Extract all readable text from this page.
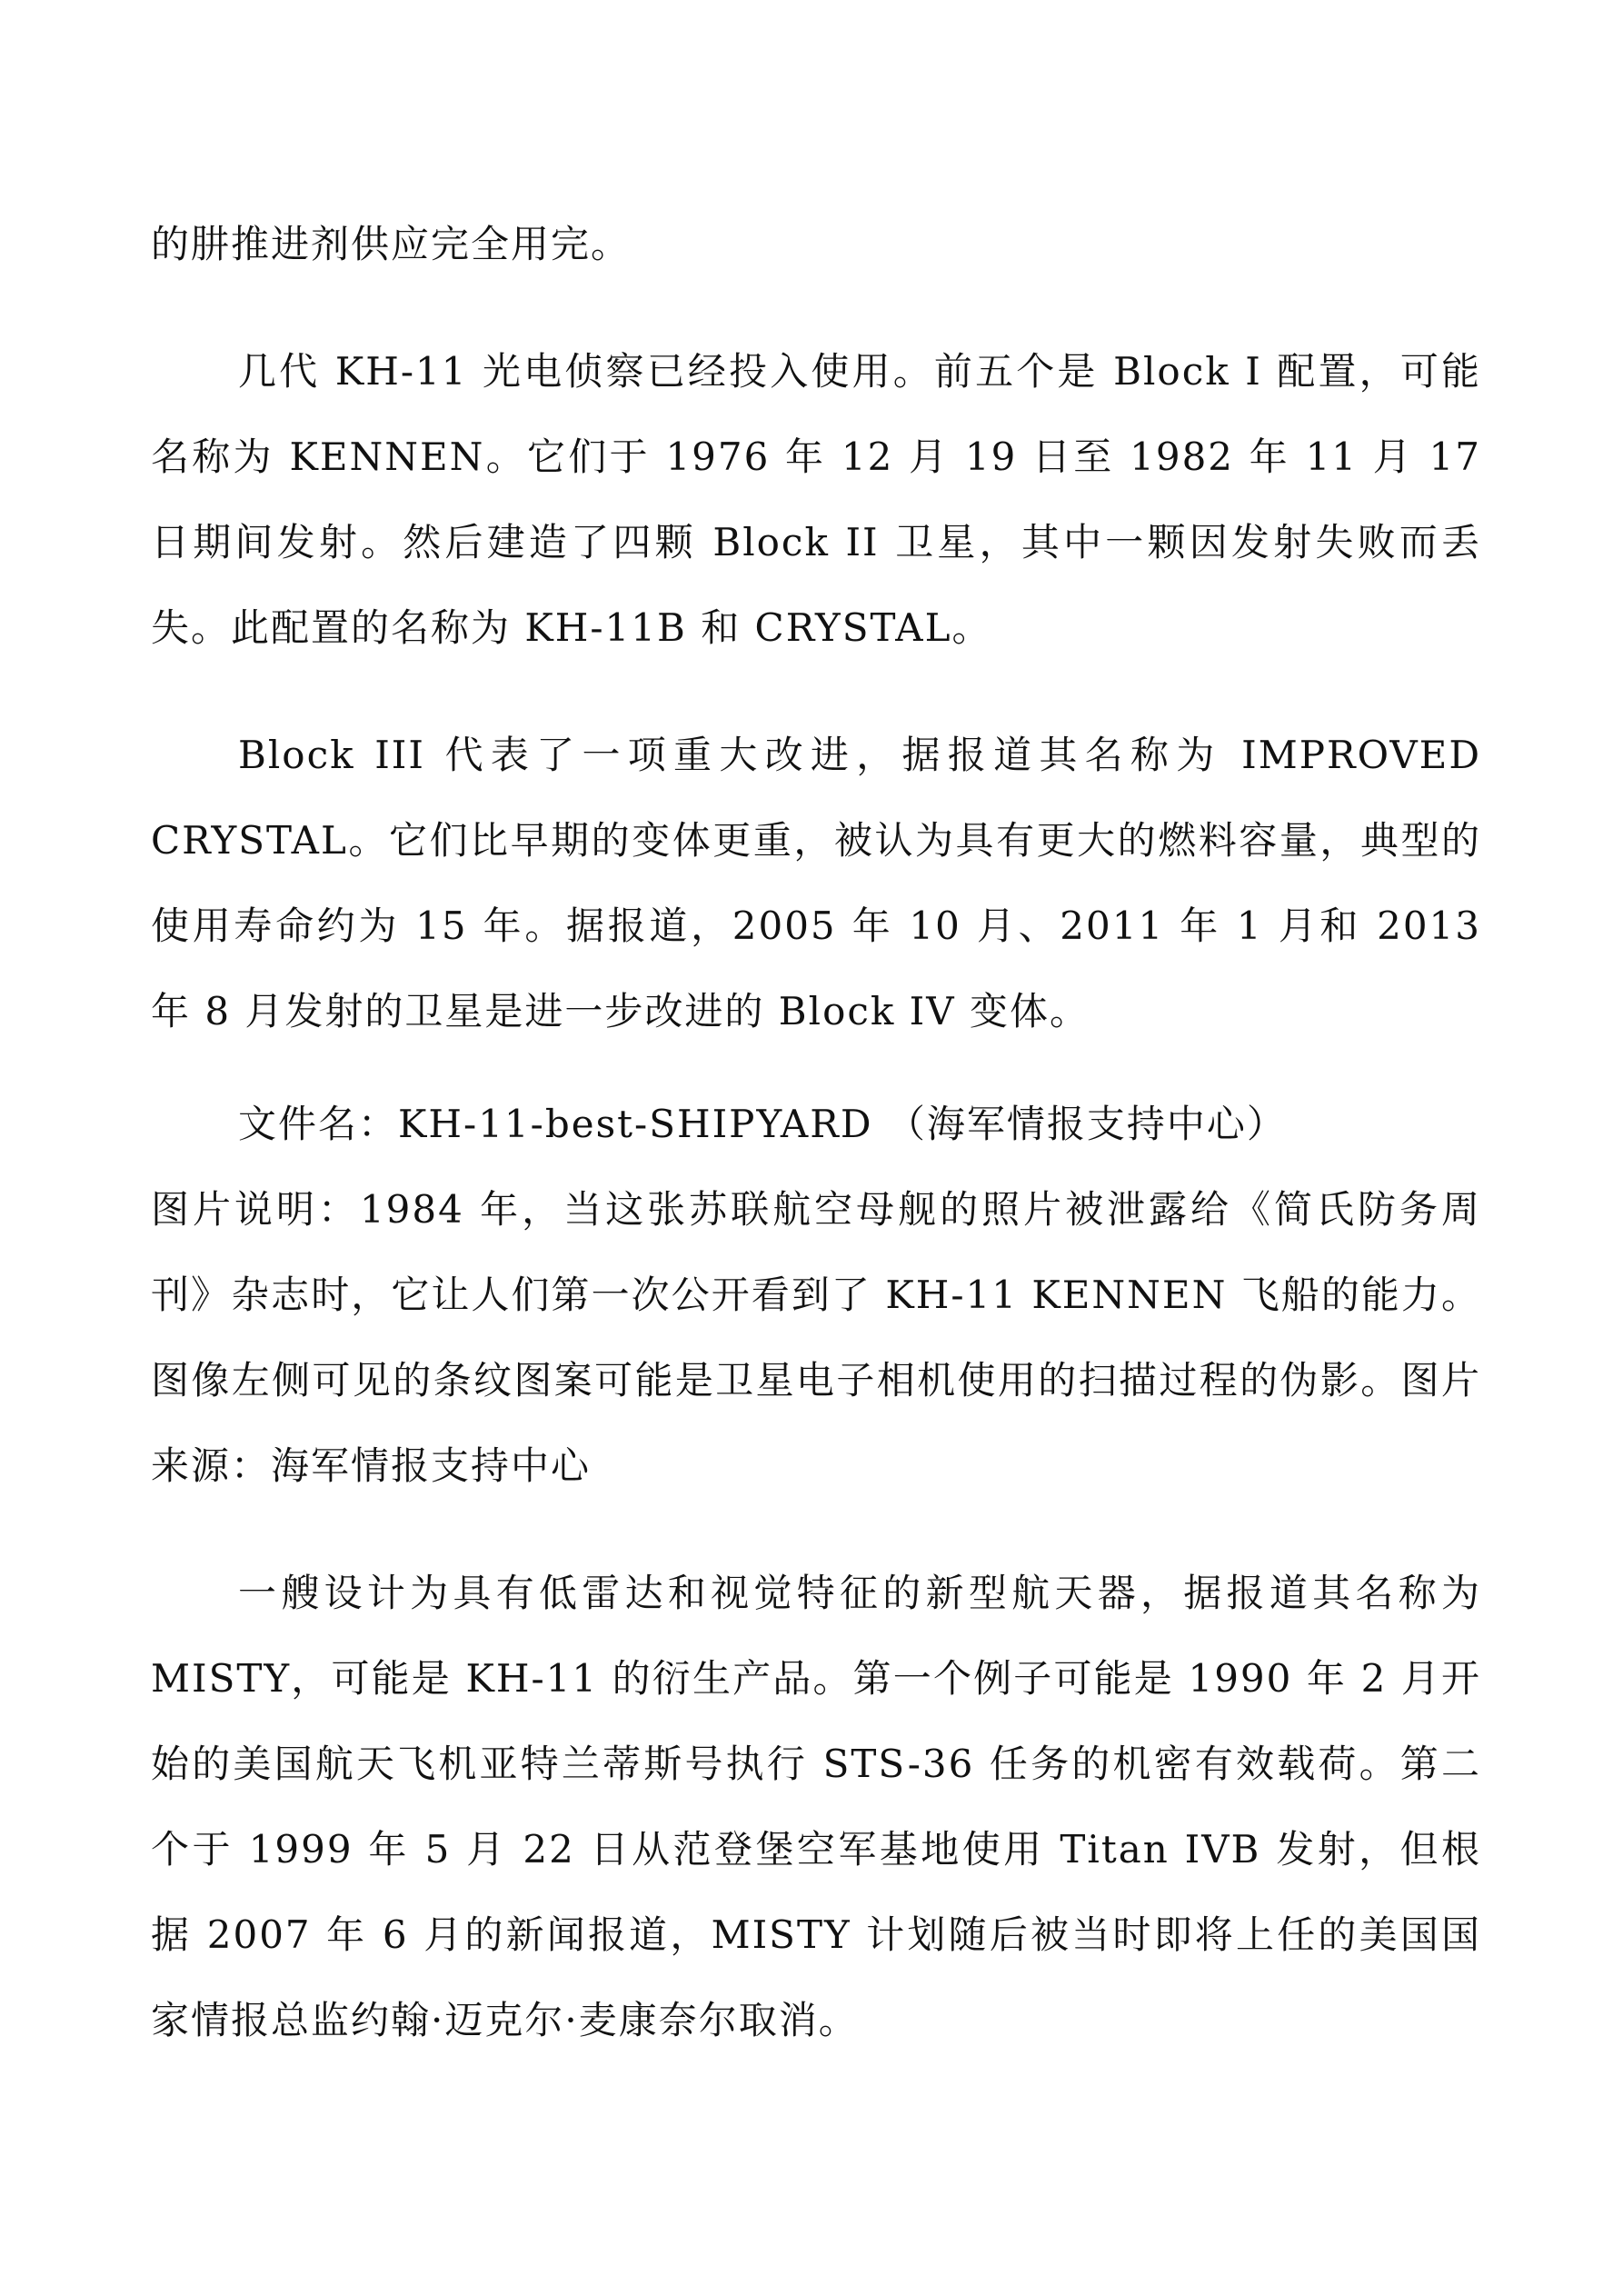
的肼推进剂供应完全用完。

几代 KH-11 光电侦察已经投入使用。前五个是 Block I 配置，可能名称为 KENNEN。它们于 1976 年 12 月 19 日至 1982 年 11 月 17 日期间发射。然后建造了四颗 Block II 卫星，其中一颗因发射失败而丢失。此配置的名称为 KH-11B 和 CRYSTAL。

Block III 代表了一项重大改进，据报道其名称为 IMPROVED CRYSTAL。它们比早期的变体更重，被认为具有更大的燃料容量，典型的使用寿命约为 15 年。据报道，2005 年 10 月、2011 年 1 月和 2013 年 8 月发射的卫星是进一步改进的 Block IV 变体。

文件名：KH-11-best-SHIPYARD （海军情报支持中心）

图片说明：1984 年，当这张苏联航空母舰的照片被泄露给《简氏防务周刊》杂志时，它让人们第一次公开看到了 KH-11 KENNEN 飞船的能力。图像左侧可见的条纹图案可能是卫星电子相机使用的扫描过程的伪影。图片来源：海军情报支持中心

一艘设计为具有低雷达和视觉特征的新型航天器，据报道其名称为 MISTY，可能是 KH-11 的衍生产品。第一个例子可能是 1990 年 2 月开始的美国航天飞机亚特兰蒂斯号执行 STS-36 任务的机密有效载荷。第二个于 1999 年 5 月 22 日从范登堡空军基地使用 Titan IVB 发射，但根据 2007 年 6 月的新闻报道，MISTY 计划随后被当时即将上任的美国国家情报总监约翰·迈克尔·麦康奈尔取消。
